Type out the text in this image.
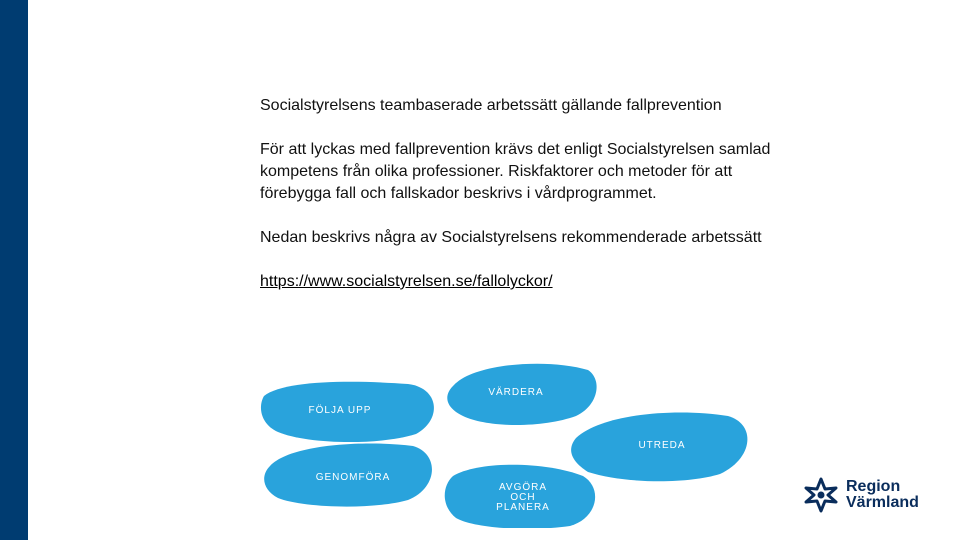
Socialstyrelsens teambaserade arbetssätt gällande fallprevention

För att lyckas med fallprevention krävs det enligt Socialstyrelsen samlad kompetens från olika professioner. Riskfaktorer och metoder för att förebygga fall och fallskador beskrivs i vårdprogrammet.

Nedan beskrivs några av Socialstyrelsens rekommenderade arbetssätt

https://www.socialstyrelsen.se/fallolyckor/

VÄRDERA
UTREDA
AVGÖRA
OCH
PLANERA
GENOMFÖRA
FÖLJA UPP
Region
Värmland
